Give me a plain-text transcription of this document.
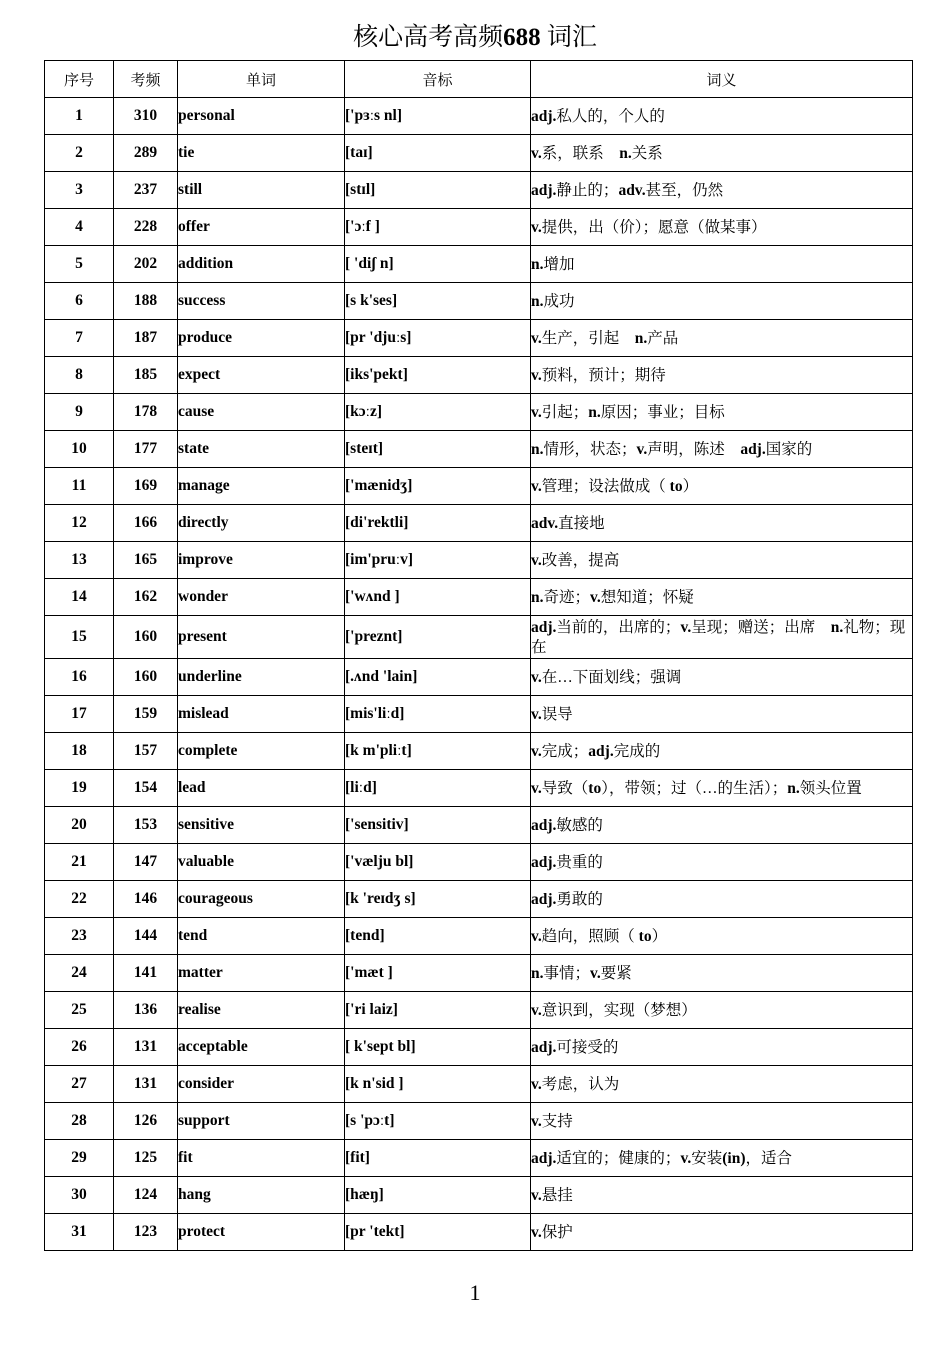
核心高考高频688 词汇
序号	考频	单词	音标	词义
1	310	personal	['pɜːs nl]	adj.私人的，个人的
2	289	tie	[taɪ]	v.系，联系　n.关系
3	237	still	[stɪl]	adj.静止的；adv.甚至，仍然
4	228	offer	['ɔːf ]	v.提供，出（价）；愿意（做某事）
5	202	addition	[ 'diʃ n]	n.增加
6	188	success	[s k'ses]	n.成功
7	187	produce	[pr 'djuːs]	v.生产，引起　n.产品
8	185	expect	[iks'pekt]	v.预料，预计；期待
9	178	cause	[kɔːz]	v.引起；n.原因；事业；目标
10	177	state	[steɪt]	n.情形，状态；v.声明，陈述　adj.国家的
11	169	manage	['mænidʒ]	v.管理；设法做成（ to）
12	166	directly	[di'rektli]	adv.直接地
13	165	improve	[im'pruːv]	v.改善，提高
14	162	wonder	['wʌnd ]	n.奇迹；v.想知道；怀疑
15	160	present	['preznt]	adj.当前的，出席的；v.呈现；赠送；出席　n.礼物；现在
16	160	underline	[.ʌnd 'lain]	v.在…下面划线；强调
17	159	mislead	[mis'liːd]	v.误导
18	157	complete	[k m'pliːt]	v.完成；adj.完成的
19	154	lead	[liːd]	v.导致（to），带领；过（…的生活）；n.领头位置
20	153	sensitive	['sensitiv]	adj.敏感的
21	147	valuable	['vælju bl]	adj.贵重的
22	146	courageous	[k 'reɪdʒ s]	adj.勇敢的
23	144	tend	[tend]	v.趋向，照顾（ to）
24	141	matter	['mæt ]	n.事情；v.要紧
25	136	realise	['ri laiz]	v.意识到，实现（梦想）
26	131	acceptable	[ k'sept bl]	adj.可接受的
27	131	consider	[k n'sid ]	v.考虑，认为
28	126	support	[s 'pɔːt]	v.支持
29	125	fit	[fit]	adj.适宜的；健康的；v.安装(in)，适合
30	124	hang	[hæŋ]	v.悬挂
31	123	protect	[pr 'tekt]	v.保护
1
